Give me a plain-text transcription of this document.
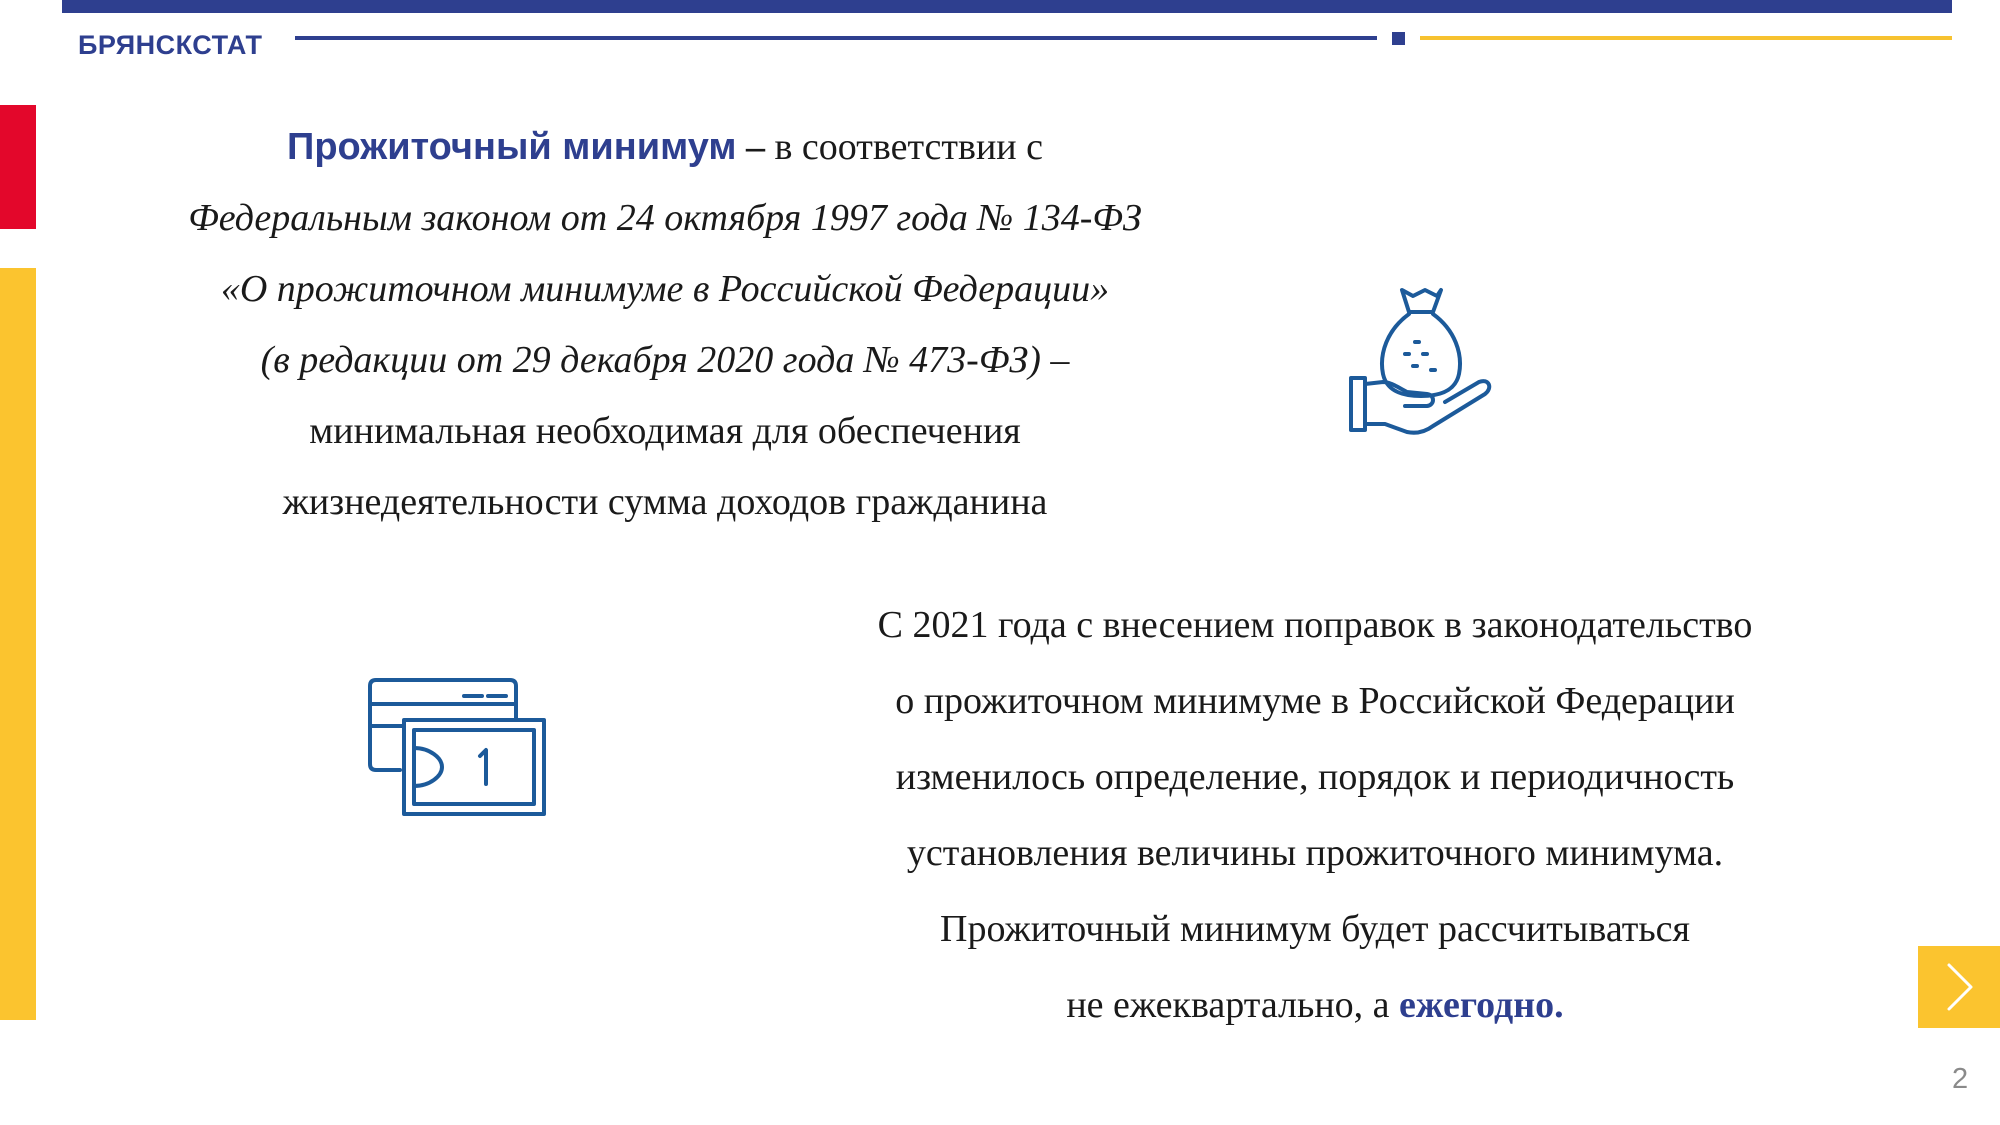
БРЯНСКСТАТ
Прожиточный минимум – в соответствии с
Федеральным законом от 24 октября 1997 года № 134-ФЗ
«О прожиточном минимуме в Российской Федерации»
(в редакции от 29 декабря 2020 года № 473-ФЗ) –
минимальная необходимая для обеспечения
жизнедеятельности сумма доходов гражданина
С 2021 года с внесением поправок в законодательство
о прожиточном минимуме в Российской Федерации
изменилось определение, порядок и периодичность
установления величины прожиточного минимума.
Прожиточный минимум будет рассчитываться
не ежеквартально, а ежегодно.
2
